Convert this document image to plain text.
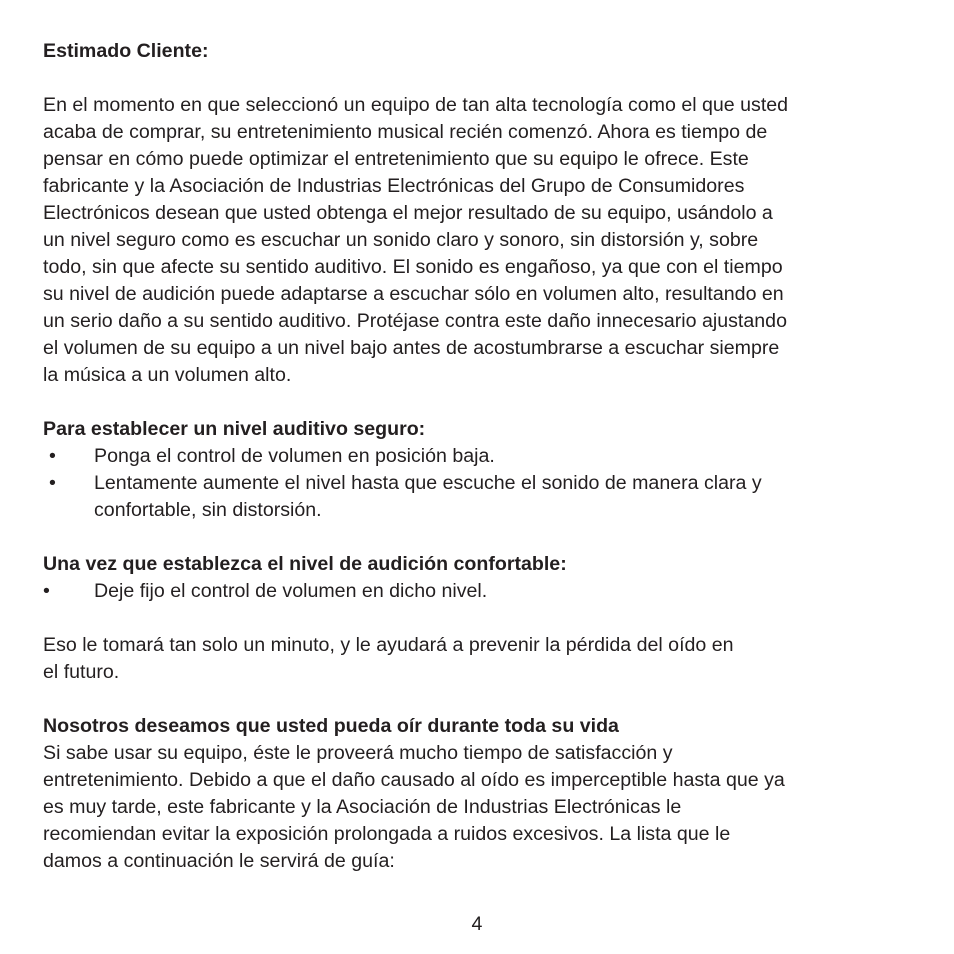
Estimado Cliente:

En el momento en que seleccionó un equipo de tan alta tecnología como el que usted
acaba de comprar, su entretenimiento musical recién comenzó. Ahora es tiempo de
pensar en cómo puede optimizar el entretenimiento que su equipo le ofrece. Este
fabricante y la Asociación de Industrias Electrónicas del Grupo de Consumidores
Electrónicos desean que usted obtenga el mejor resultado de su equipo, usándolo a
un nivel seguro como es escuchar un sonido claro y sonoro, sin distorsión y, sobre
todo, sin que afecte su sentido auditivo. El sonido es engañoso, ya que con el tiempo
su nivel de audición puede adaptarse a escuchar sólo en volumen alto, resultando en
un serio daño a su sentido auditivo. Protéjase contra este daño innecesario ajustando
el volumen de su equipo a un nivel bajo antes de acostumbrarse a escuchar siempre
la música a un volumen alto.

Para establecer un nivel auditivo seguro:

• Ponga el control de volumen en posición baja.
• Lentamente aumente el nivel hasta que escuche el sonido de manera clara y
confortable, sin distorsión.

Una vez que establezca el nivel de audición confortable:

• Deje fijo el control de volumen en dicho nivel.

Eso le tomará tan solo un minuto, y le ayudará a prevenir la pérdida del oído en
el futuro.

Nosotros deseamos que usted pueda oír durante toda su vida

Si sabe usar su equipo, éste le proveerá mucho tiempo de satisfacción y
entretenimiento. Debido a que el daño causado al oído es imperceptible hasta que ya
es muy tarde, este fabricante y la Asociación de Industrias Electrónicas le
recomiendan evitar la exposición prolongada a ruidos excesivos. La lista que le
damos a continuación le servirá de guía:

4
